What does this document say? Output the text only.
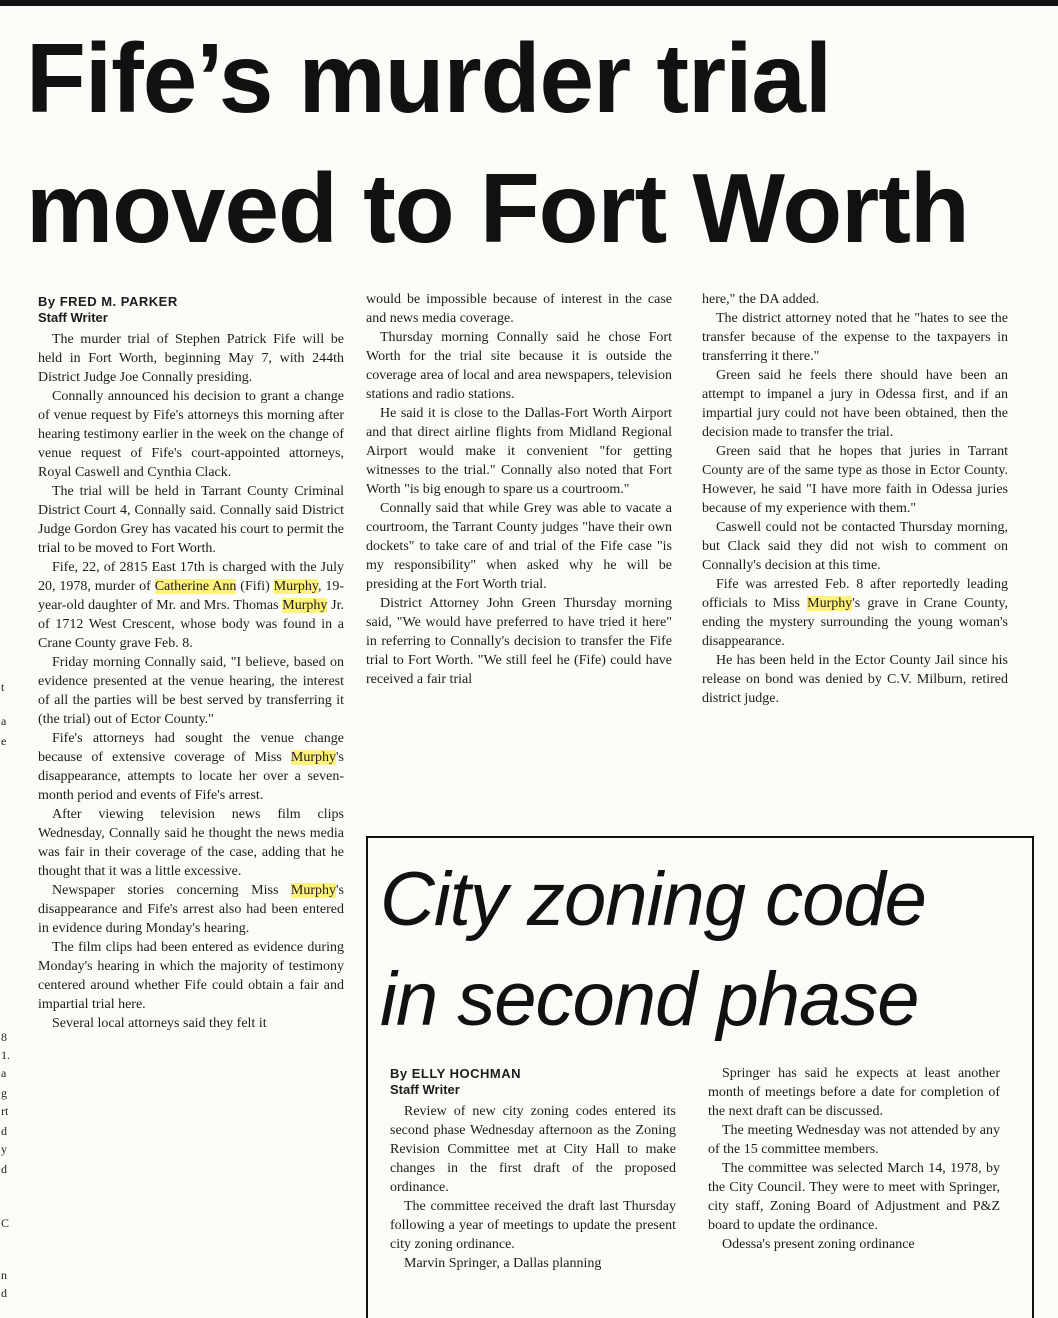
t
a
e
8
1.
a
g
rt
d
y
d
C
n
d
Fife’s murder trial
moved to Fort Worth

By FRED M. PARKER

Staff Writer

The murder trial of Stephen Patrick Fife will be held in Fort Worth, beginning May 7, with 244th District Judge Joe Connally presiding.

Connally announced his decision to grant a change of venue request by Fife's attorneys this morning after hearing testimony earlier in the week on the change of venue request of Fife's court-appointed attorneys, Royal Caswell and Cynthia Clack.

The trial will be held in Tarrant County Criminal District Court 4, Connally said. Connally said District Judge Gordon Grey has vacated his court to permit the trial to be moved to Fort Worth.

Fife, 22, of 2815 East 17th is charged with the July 20, 1978, murder of Catherine Ann (Fifi) Murphy, 19-year-old daughter of Mr. and Mrs. Thomas Murphy Jr. of 1712 West Crescent, whose body was found in a Crane County grave Feb. 8.

Friday morning Connally said, "I believe, based on evidence presented at the venue hearing, the interest of all the parties will be best served by transferring it (the trial) out of Ector County."

Fife's attorneys had sought the venue change because of extensive coverage of Miss Murphy's disappearance, attempts to locate her over a seven-month period and events of Fife's arrest.

After viewing television news film clips Wednesday, Connally said he thought the news media was fair in their coverage of the case, adding that he thought that it was a little excessive.

Newspaper stories concerning Miss Murphy's disappearance and Fife's arrest also had been entered in evidence during Monday's hearing.

The film clips had been entered as evidence during Monday's hearing in which the majority of testimony centered around whether Fife could obtain a fair and impartial trial here.

Several local attorneys said they felt it

would be impossible because of interest in the case and news media coverage.

Thursday morning Connally said he chose Fort Worth for the trial site because it is outside the coverage area of local and area newspapers, television stations and radio stations.

He said it is close to the Dallas-Fort Worth Airport and that direct airline flights from Midland Regional Airport would make it convenient "for getting witnesses to the trial." Connally also noted that Fort Worth "is big enough to spare us a courtroom."

Connally said that while Grey was able to vacate a courtroom, the Tarrant County judges "have their own dockets" to take care of and trial of the Fife case "is my responsibility" when asked why he will be presiding at the Fort Worth trial.

District Attorney John Green Thursday morning said, "We would have preferred to have tried it here" in referring to Connally's decision to transfer the Fife trial to Fort Worth. "We still feel he (Fife) could have received a fair trial

here," the DA added.

The district attorney noted that he "hates to see the transfer because of the expense to the taxpayers in transferring it there."

Green said he feels there should have been an attempt to impanel a jury in Odessa first, and if an impartial jury could not have been obtained, then the decision made to transfer the trial.

Green said that he hopes that juries in Tarrant County are of the same type as those in Ector County. However, he said "I have more faith in Odessa juries because of my experience with them."

Caswell could not be contacted Thursday morning, but Clack said they did not wish to comment on Connally's decision at this time.

Fife was arrested Feb. 8 after reportedly leading officials to Miss Murphy's grave in Crane County, ending the mystery surrounding the young woman's disappearance.

He has been held in the Ector County Jail since his release on bond was denied by C.V. Milburn, retired district judge.

City zoning code
in second phase

By ELLY HOCHMAN

Staff Writer

Review of new city zoning codes entered its second phase Wednesday afternoon as the Zoning Revision Committee met at City Hall to make changes in the first draft of the proposed ordinance.

The committee received the draft last Thursday following a year of meetings to update the present city zoning ordinance.

Marvin Springer, a Dallas planning

Springer has said he expects at least another month of meetings before a date for completion of the next draft can be discussed.

The meeting Wednesday was not attended by any of the 15 committee members.

The committee was selected March 14, 1978, by the City Council. They were to meet with Springer, city staff, Zoning Board of Adjustment and P&Z board to update the ordinance.

Odessa's present zoning ordinance
